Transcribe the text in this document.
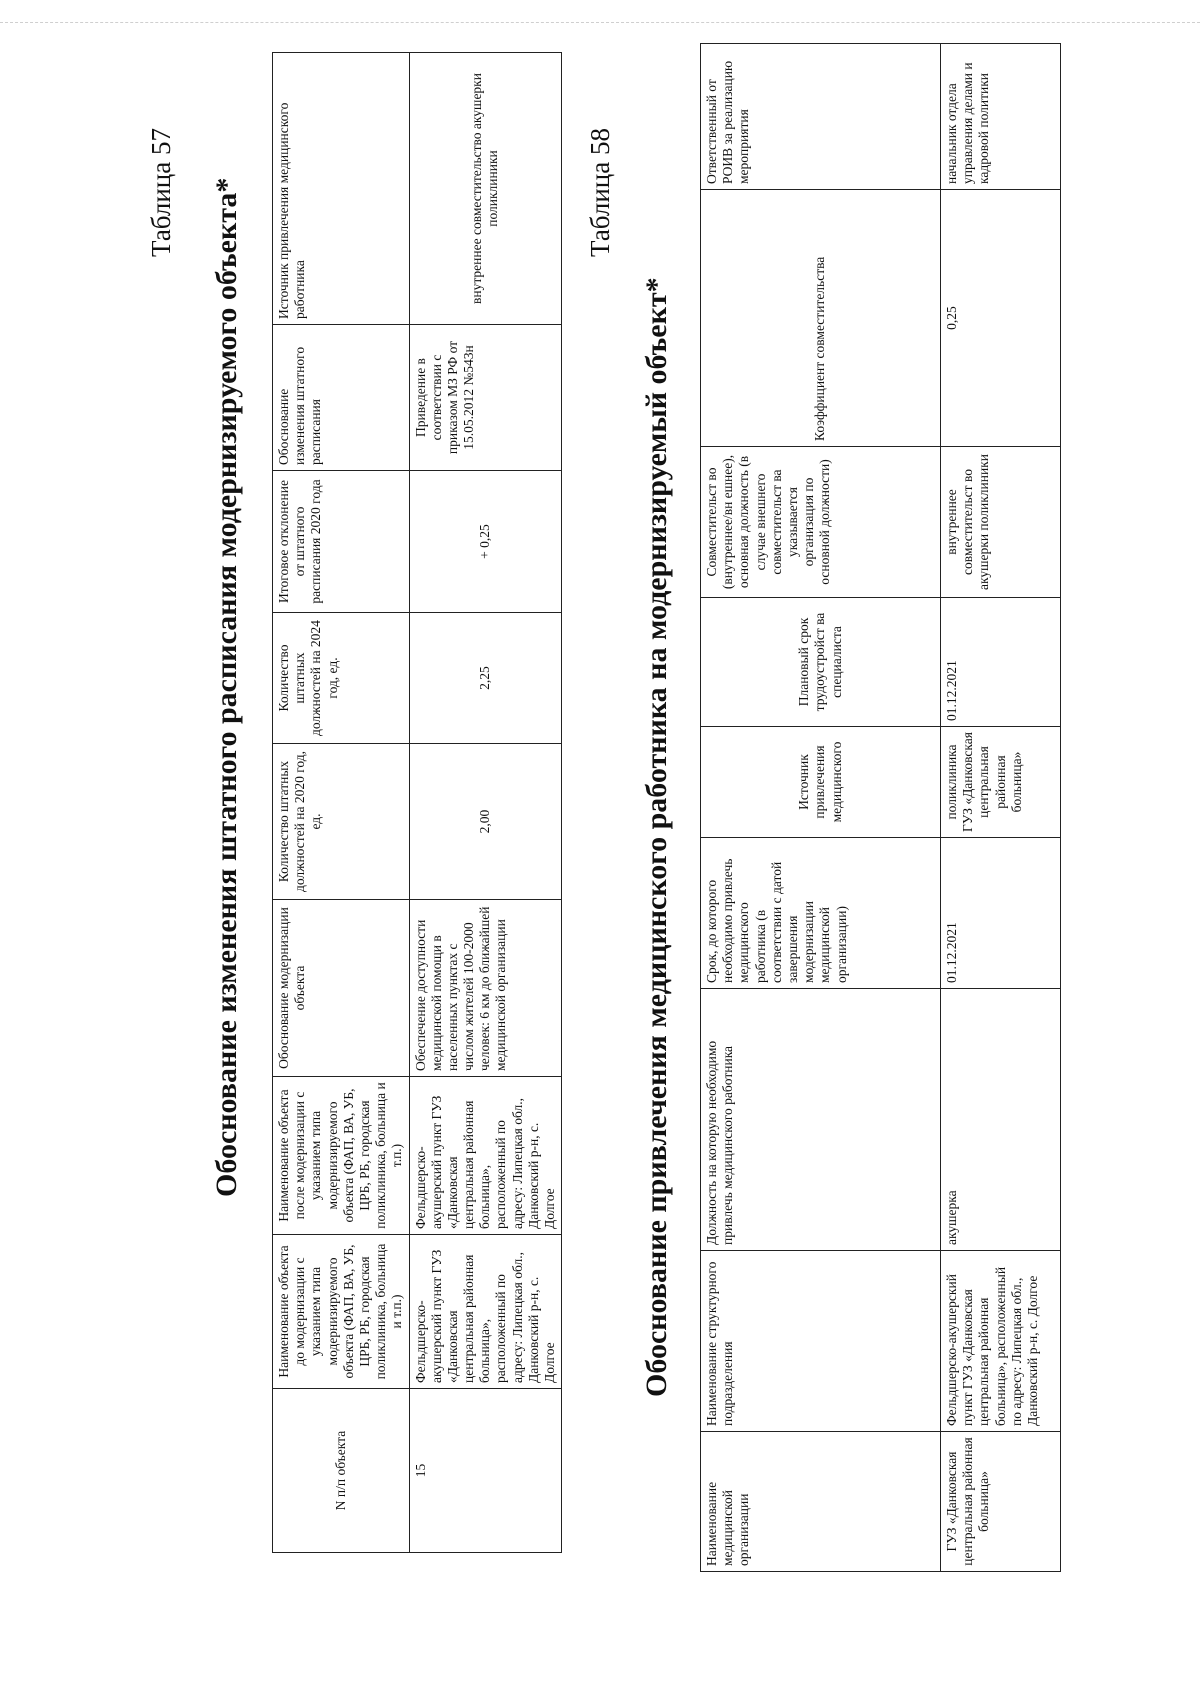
Таблица 57 Обоснование изменения штатного расписания модернизируемого объекта*
N п/п объекта	Наименование объекта до модернизации с указанием типа модернизируемого объекта (ФАП, ВА, УБ, ЦРБ, РБ, городская поликлиника, больница и т.п.)	Наименование объекта после модернизации с указанием типа модернизируемого объекта (ФАП, ВА, УБ, ЦРБ, РБ, городская поликлиника, больница и т.п.)	Обоснование модернизации объекта	Количество штатных должностей на 2020 год, ед.	Количество штатных должностей на 2024 год, ед.	Итоговое отклонение от штатного расписания 2020 года	Обоснование изменения штатного расписания	Источник привлечения медицинского работника
15	Фельдшерско-акушерский пункт ГУЗ «Данковская центральная районная больница», расположенный по адресу: Липецкая обл., Данковский р-н, с. Долгое	Фельдшерско-акушерский пункт ГУЗ «Данковская центральная районная больница», расположенный по адресу: Липецкая обл., Данковский р-н, с. Долгое	Обеспечение доступности медицинской помощи в населенных пунктах с числом жителей 100-2000 человек: 6 км до ближайшей медицинской организации	2,00	2,25	+ 0,25	Приведение в соответствии с приказом МЗ РФ от 15.05.2012 №543н	внутреннее совместительство акушерки поликлиники	Таблица 58
Обоснование привлечения медицинского работника на модернизируемый объект*
Наименование медицинской организации	Наименование структурного подразделения	Должность на которую необходимо привлечь медицинского работника	Срок, до которого необходимо привлечь медицинского работника (в соответствии с датой завершения модернизации медицинской организации)	Источник привлечения медицинского	Плановый срок трудоустройст ва специалиста	Совместительст во (внутреннее/вн ешнее), основная должность (в случае внешнего совместительст ва указывается организация по основной должности)	Коэффициент совместительства	Ответственный от РОИВ за реализацию мероприятия
ГУЗ «Данковская центральная районная больница»	Фельдшерско-акушерский пункт ГУЗ «Данковская центральная районная больница», расположенный по адресу: Липецкая обл., Данковский р-н, с. Долгое	акушерка	01.12.2021	поликлиника ГУЗ «Данковская центральная районная больница»	01.12.2021	внутреннее совместительст во акушерки поликлиники	0,25	начальник отдела управления делами и кадровой политики
